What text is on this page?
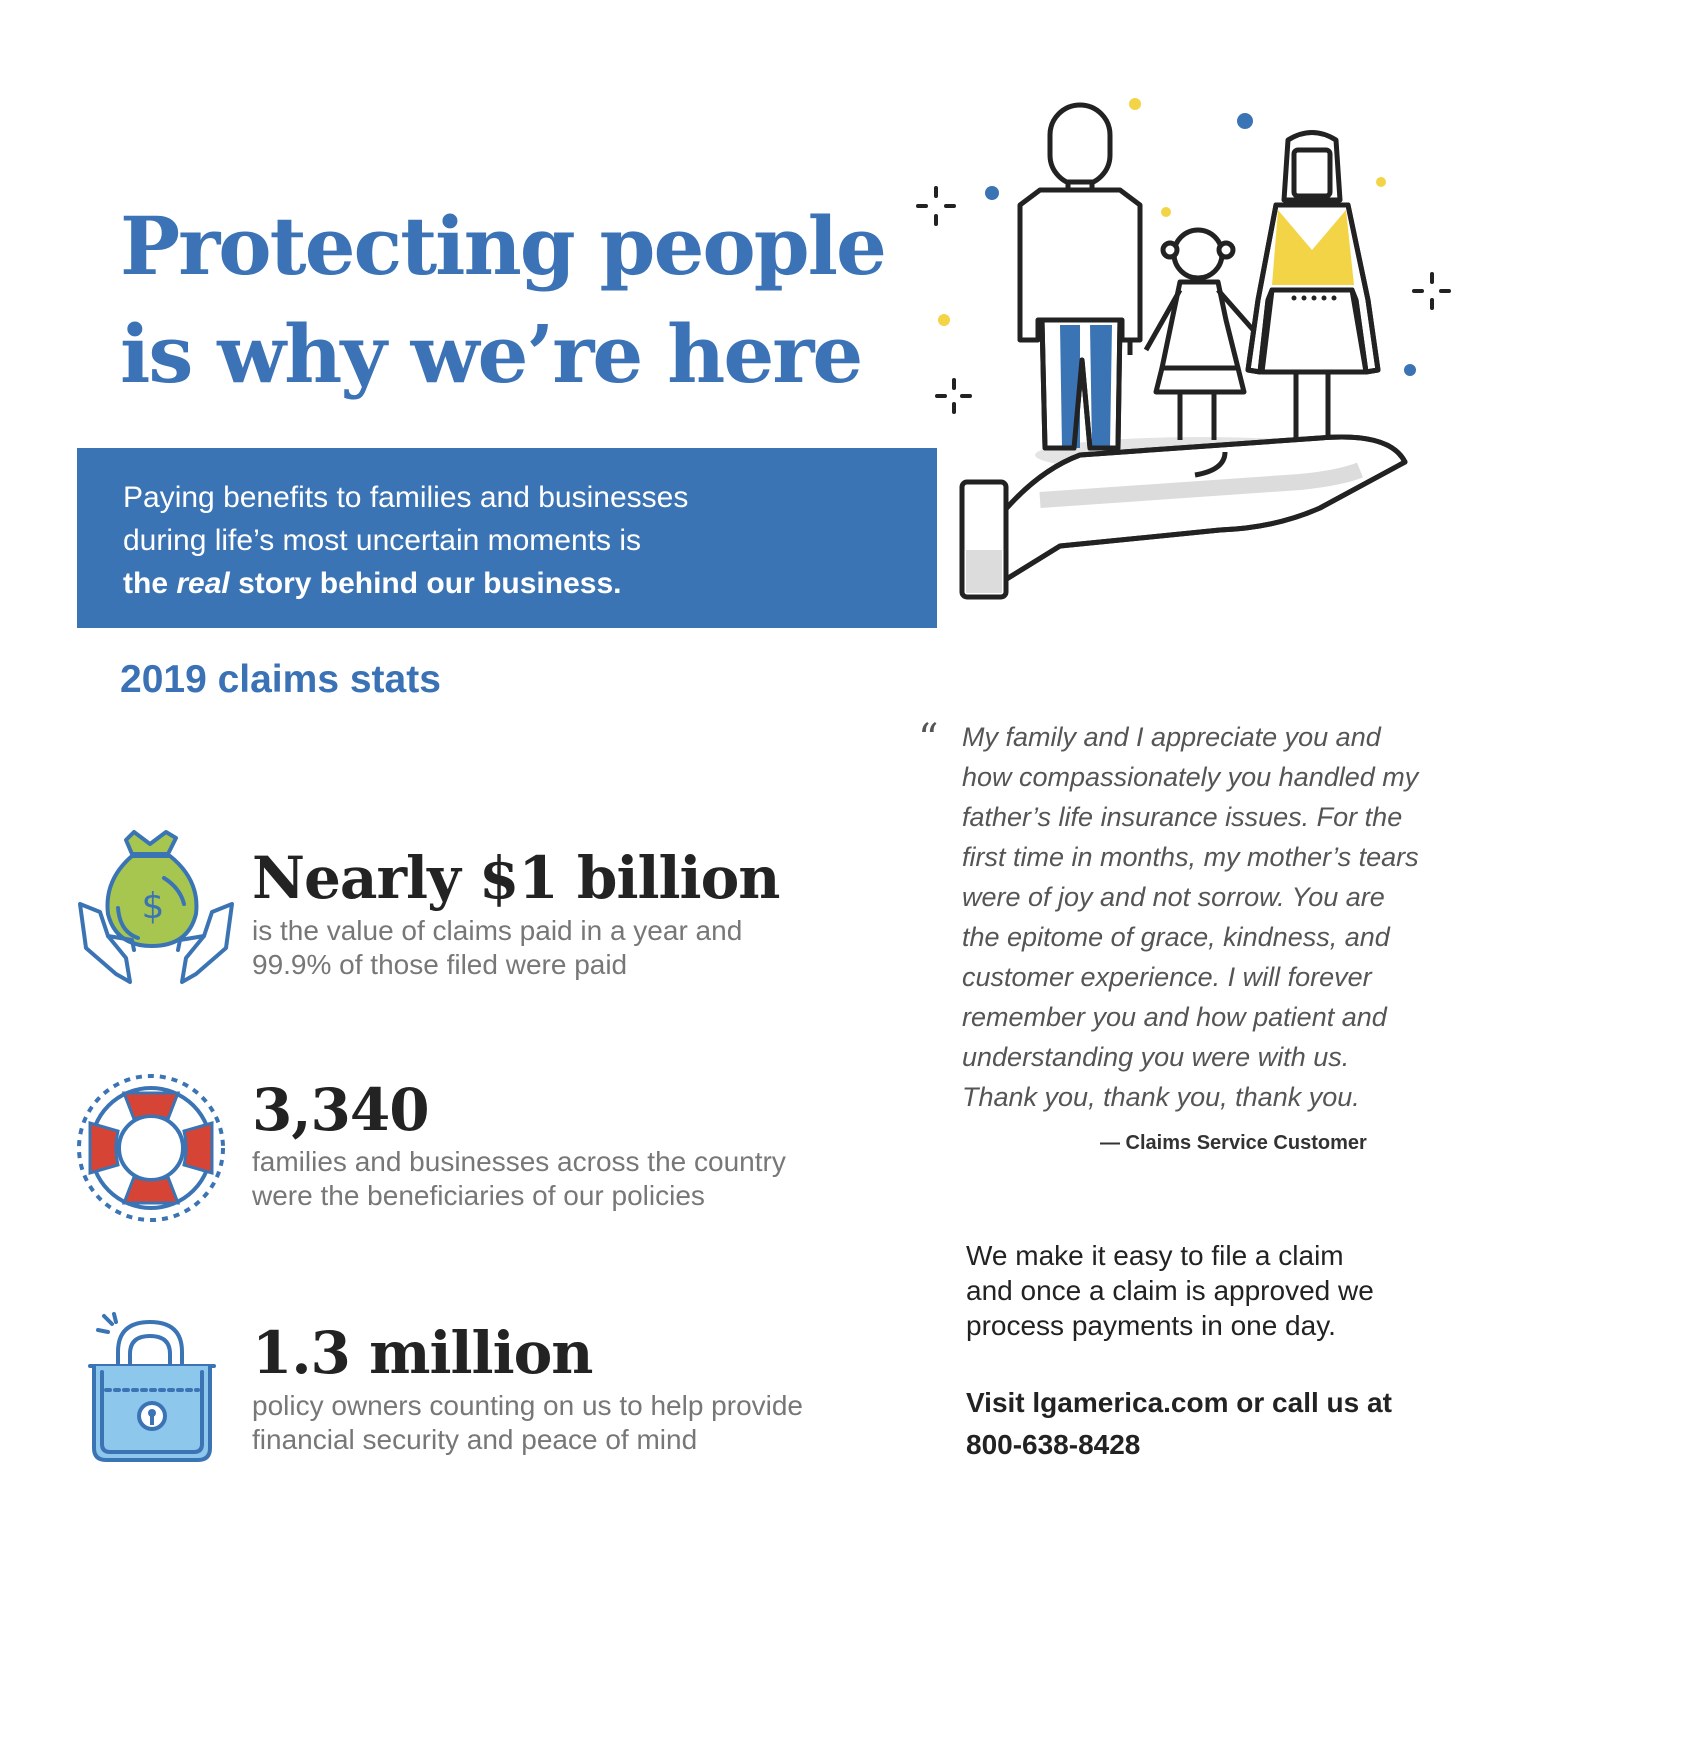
Protecting people
is why we’re here

Paying benefits to families and businesses
during life’s most uncertain moments is
the real story behind our business.

2019 claims stats
$ Nearly $1 billion

is the value of claims paid in a year and
99.9% of those filed were paid

3,340

families and businesses across the country
were the beneficiaries of our policies

1.3 million

policy owners counting on us to help provide
financial security and peace of mind

“ My family and I appreciate you and
how compassionately you handled my
father’s life insurance issues. For the
first time in months, my mother’s tears
were of joy and not sorrow. You are
the epitome of grace, kindness, and
customer experience. I will forever
remember you and how patient and
understanding you were with us.
Thank you, thank you, thank you.

— Claims Service Customer

We make it easy to file a claim
and once a claim is approved we
process payments in one day.

Visit lgamerica.com or call us at
800-638-8428
